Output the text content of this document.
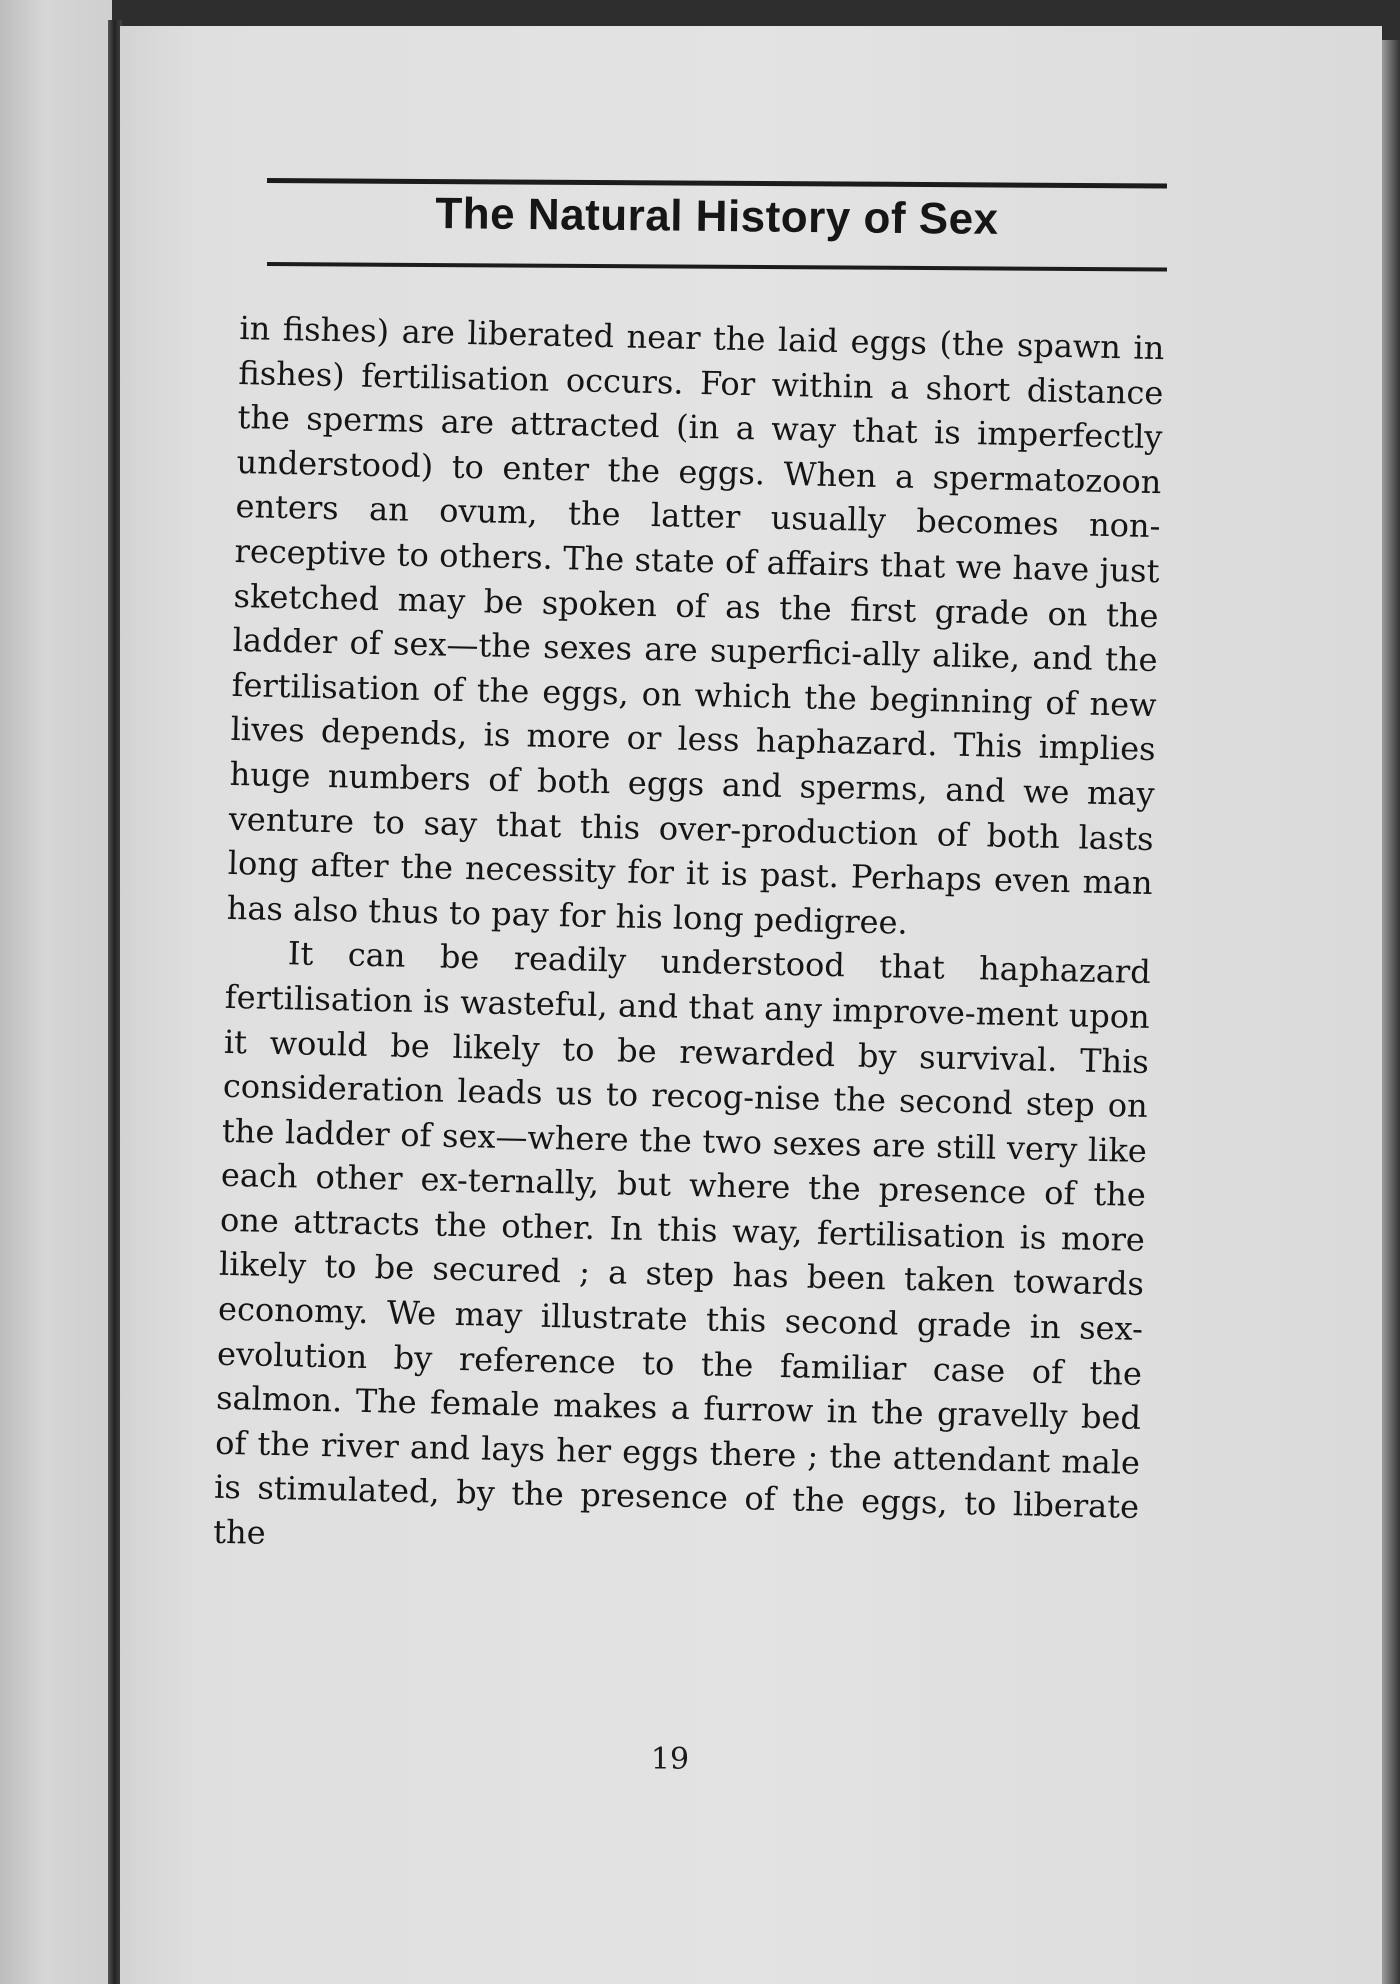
The Natural History of Sex

in fishes) are liberated near the laid eggs (the spawn in fishes) fertilisation occurs. For within a short distance the sperms are attracted (in a way that is imperfectly understood) to enter the eggs. When a spermatozoon enters an ovum, the latter usually becomes non-receptive to others. The state of affairs that we have just sketched may be spoken of as the first grade on the ladder of sex—the sexes are superfici-ally alike, and the fertilisation of the eggs, on which the beginning of new lives depends, is more or less haphazard. This implies huge numbers of both eggs and sperms, and we may venture to say that this over-production of both lasts long after the necessity for it is past. Perhaps even man has also thus to pay for his long pedigree.

It can be readily understood that haphazard fertilisation is wasteful, and that any improve-ment upon it would be likely to be rewarded by survival. This consideration leads us to recog-nise the second step on the ladder of sex—where the two sexes are still very like each other ex-ternally, but where the presence of the one attracts the other. In this way, fertilisation is more likely to be secured ; a step has been taken towards economy. We may illustrate this second grade in sex-evolution by reference to the familiar case of the salmon. The female makes a furrow in the gravelly bed of the river and lays her eggs there ; the attendant male is stimulated, by the presence of the eggs, to liberate the

19
